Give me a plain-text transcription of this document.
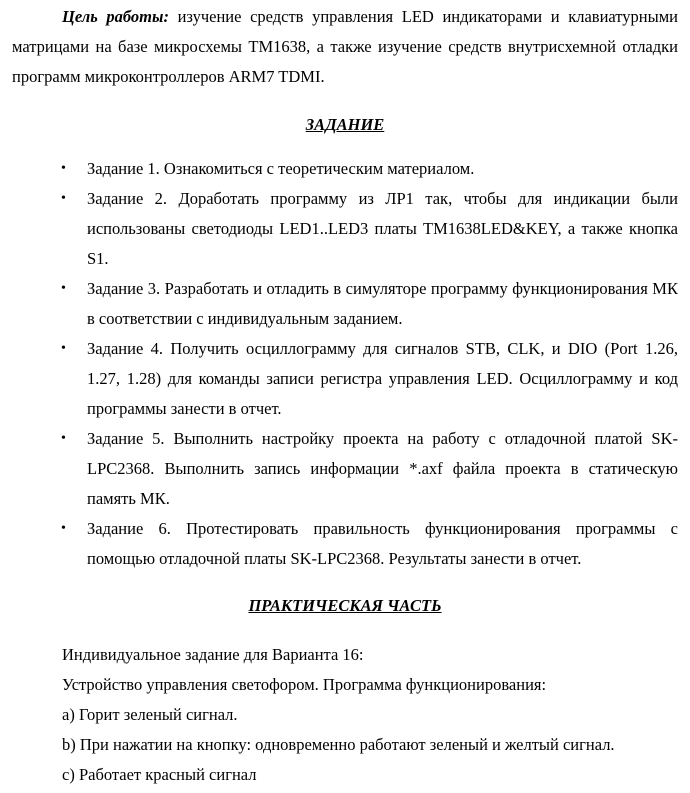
Цель работы: изучение средств управления LED индикаторами и клавиатурными матрицами на базе микросхемы TM1638, а также изучение средств внутрисхемной отладки программ микроконтроллеров ARM7 TDMI.

ЗАДАНИЕ
•	Задание 1. Ознакомиться с теоретическим материалом.
•	Задание 2. Доработать программу из ЛР1 так, чтобы для индикации были использованы светодиоды LED1..LED3 платы TM1638LED&KEY, а также кнопка S1.
•	Задание 3. Разработать и отладить в симуляторе программу функционирования МК в соответствии с индивидуальным заданием.
•	Задание 4. Получить осциллограмму для сигналов STB, CLK, и DIO (Port 1.26, 1.27, 1.28) для команды записи регистра управления LED. Осциллограмму и код программы занести в отчет.
•	Задание 5. Выполнить настройку проекта на работу с отладочной платой SK-LPC2368. Выполнить запись информации *.axf файла проекта в статическую память МК.
•	Задание 6. Протестировать правильность функционирования программы с помощью отладочной платы SK-LPC2368. Результаты занести в отчет.
ПРАКТИЧЕСКАЯ ЧАСТЬ
Индивидуальное задание для Варианта 16:
Устройство управления светофором. Программа функционирования:
a) Горит зеленый сигнал.
b) При нажатии на кнопку: одновременно работают зеленый и желтый сигнал.
c) Работает красный сигнал
